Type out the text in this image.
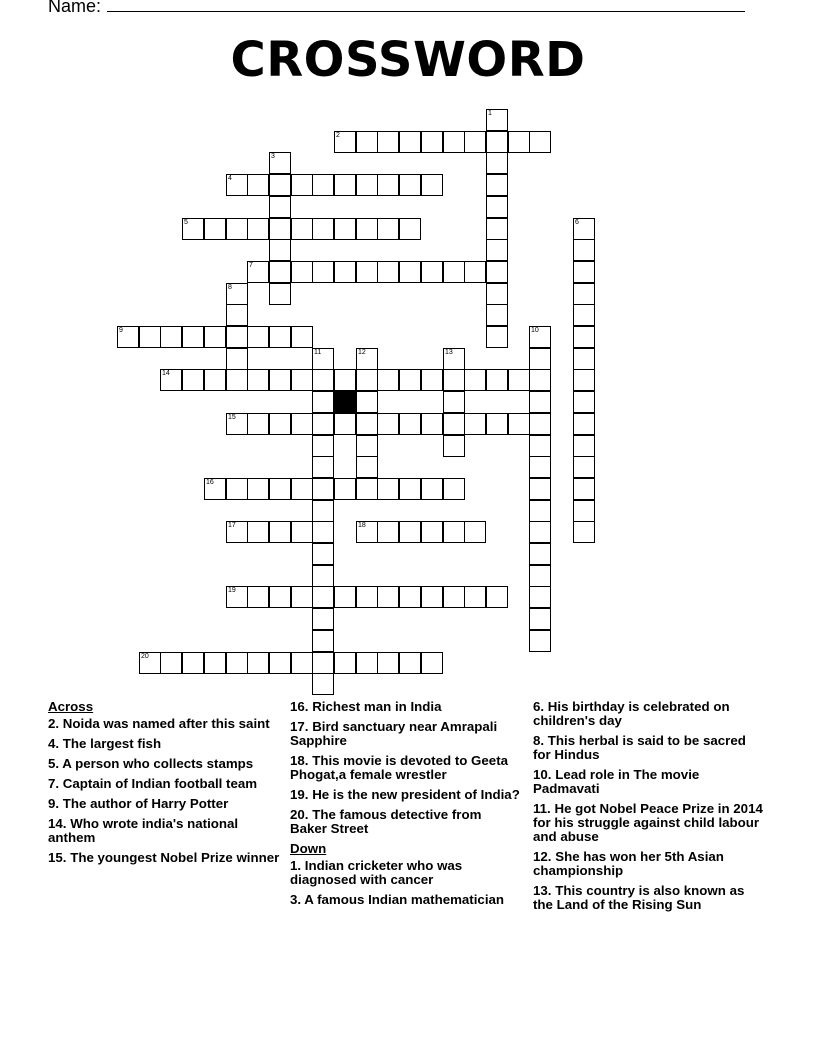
Name:
CROSSWORD
2
4
5
7
9
14
15
16
17	18
19
20
1
3
6
8
10
11	12	13
Across
2. Noida was named after this saint
4. The largest fish
5. A person who collects stamps
7. Captain of Indian football team
9. The author of Harry Potter
14. Who wrote india's national anthem
15. The youngest Nobel Prize winner
16. Richest man in India
17. Bird sanctuary near Amrapali Sapphire
18. This movie is devoted to Geeta Phogat,a female wrestler
19. He is the new president of India?
20. The famous detective from Baker Street
Down
1. Indian cricketer who was diagnosed with cancer
3. A famous Indian mathematician
6. His birthday is celebrated on children's day
8. This herbal is said to be sacred for Hindus
10. Lead role in The movie Padmavati
11. He got Nobel Peace Prize in 2014 for his struggle against child labour and abuse
12. She has won her 5th Asian championship
13. This country is also known as the Land of the Rising Sun
